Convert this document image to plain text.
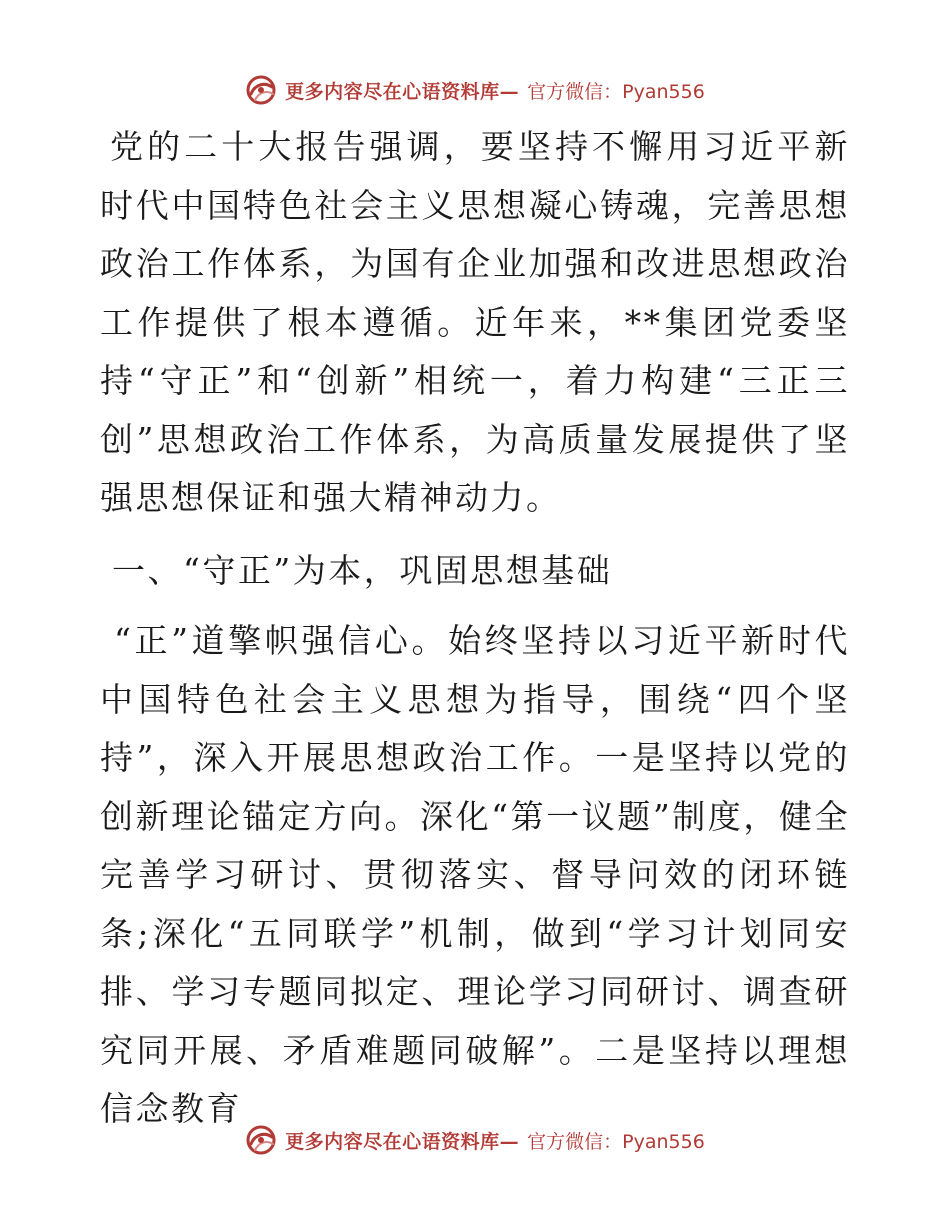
更多内容尽在心语资料库— 官方微信：Pyan556

党的二十大报告强调，要坚持不懈用习近平新时代中国特色社会主义思想凝心铸魂，完善思想政治工作体系，为国有企业加强和改进思想政治工作提供了根本遵循。近年来，**集团党委坚持“守正”和“创新”相统一，着力构建“三正三创”思想政治工作体系，为高质量发展提供了坚强思想保证和强大精神动力。

一、“守正”为本，巩固思想基础

“正”道擎帜强信心。始终坚持以习近平新时代中国特色社会主义思想为指导，围绕“四个坚持”，深入开展思想政治工作。一是坚持以党的创新理论锚定方向。深化“第一议题”制度，健全完善学习研讨、贯彻落实、督导问效的闭环链条;深化“五同联学”机制，做到“学习计划同安排、学习专题同拟定、理论学习同研讨、调查研究同开展、矛盾难题同破解”。二是坚持以理想信念教育

更多内容尽在心语资料库— 官方微信：Pyan556
